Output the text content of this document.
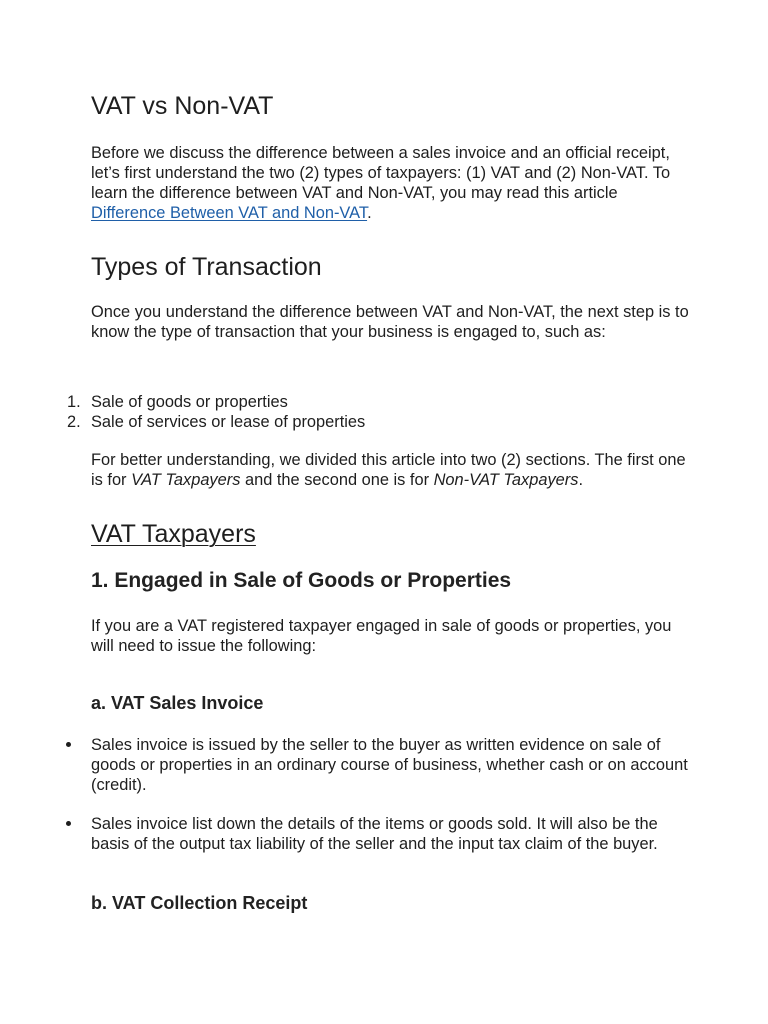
VAT vs Non-VAT

Before we discuss the difference between a sales invoice and an official receipt, let’s first understand the two (2) types of taxpayers: (1) VAT and (2) Non-VAT. To learn the difference between VAT and Non-VAT, you may read this article Difference Between VAT and Non-VAT.

Types of Transaction

Once you understand the difference between VAT and Non-VAT, the next step is to know the type of transaction that your business is engaged to, such as:

1. Sale of goods or properties
2. Sale of services or lease of properties

For better understanding, we divided this article into two (2) sections. The first one is for VAT Taxpayers and the second one is for Non-VAT Taxpayers.

VAT Taxpayers
1. Engaged in Sale of Goods or Properties

If you are a VAT registered taxpayer engaged in sale of goods or properties, you will need to issue the following:

a. VAT Sales Invoice
Sales invoice is issued by the seller to the buyer as written evidence on sale of goods or properties in an ordinary course of business, whether cash or on account (credit).
Sales invoice list down the details of the items or goods sold. It will also be the basis of the output tax liability of the seller and the input tax claim of the buyer.
b. VAT Collection Receipt
